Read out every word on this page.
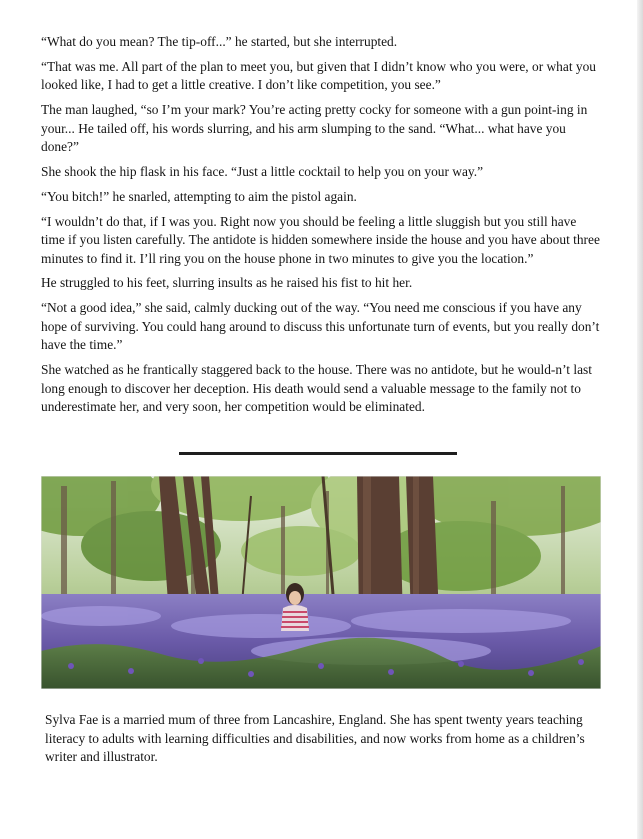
“What do you mean? The tip-off...” he started, but she interrupted.

“That was me. All part of the plan to meet you, but given that I didn’t know who you were, or what you looked like, I had to get a little creative. I don’t like competition, you see.”

The man laughed, “so I’m your mark? You’re acting pretty cocky for someone with a gun point-ing in your... He tailed off, his words slurring, and his arm slumping to the sand. “What... what have you done?”

She shook the hip flask in his face. “Just a little cocktail to help you on your way.”

“You bitch!” he snarled, attempting to aim the pistol again.

“I wouldn’t do that, if I was you. Right now you should be feeling a little sluggish but you still have time if you listen carefully. The antidote is hidden somewhere inside the house and you have about three minutes to find it. I’ll ring you on the house phone in two minutes to give you the location.”

He struggled to his feet, slurring insults as he raised his fist to hit her.

“Not a good idea,” she said, calmly ducking out of the way. “You need me conscious if you have any hope of surviving. You could hang around to discuss this unfortunate turn of events, but you really don’t have the time.”

She watched as he frantically staggered back to the house. There was no antidote, but he would-n’t last long enough to discover her deception. His death would send a valuable message to the family not to underestimate her, and very soon, her competition would be eliminated.

Sylva Fae is a married mum of three from Lancashire, England. She has spent twenty years teaching literacy to adults with learning difficulties and disabilities, and now works from home as a children’s writer and illustrator.
